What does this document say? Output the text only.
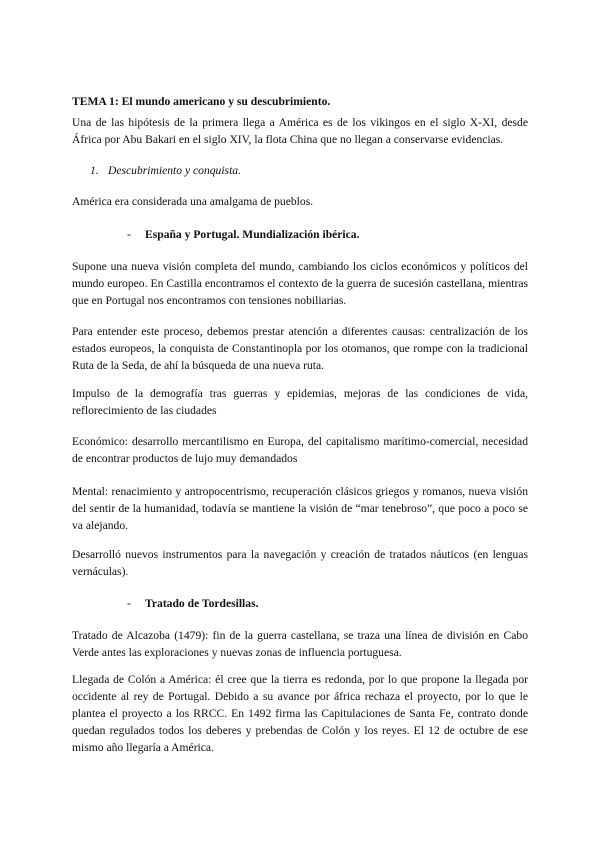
TEMA 1: El mundo americano y su descubrimiento.

Una de las hipótesis de la primera llega a América es de los vikingos en el siglo X-XI, desde África por Abu Bakari en el siglo XIV, la flota China que no llegan a conservarse evidencias.

1. Descubrimiento y conquista.

América era considerada una amalgama de pueblos.

- España y Portugal. Mundialización ibérica.

Supone una nueva visión completa del mundo, cambiando los ciclos económicos y políticos del mundo europeo. En Castilla encontramos el contexto de la guerra de sucesión castellana, mientras que en Portugal nos encontramos con tensiones nobiliarias.

Para entender este proceso, debemos prestar atención a diferentes causas: centralización de los estados europeos, la conquista de Constantinopla por los otomanos, que rompe con la tradicional Ruta de la Seda, de ahí la búsqueda de una nueva ruta.

Impulso de la demografía tras guerras y epidemias, mejoras de las condiciones de vida, reflorecimiento de las ciudades

Económico: desarrollo mercantilismo en Europa, del capitalismo marítimo-comercial, necesidad de encontrar productos de lujo muy demandados

Mental: renacimiento y antropocentrismo, recuperación clásicos griegos y romanos, nueva visión del sentir de la humanidad, todavía se mantiene la visión de “mar tenebroso”, que poco a poco se va alejando.

Desarrolló nuevos instrumentos para la navegación y creación de tratados náuticos (en lenguas vernáculas).

- Tratado de Tordesillas.

Tratado de Alcazoba (1479): fin de la guerra castellana, se traza una línea de división en Cabo Verde antes las exploraciones y nuevas zonas de influencia portuguesa.

Llegada de Colón a América: él cree que la tierra es redonda, por lo que propone la llegada por occidente al rey de Portugal. Debido a su avance por áfrica rechaza el proyecto, por lo que le plantea el proyecto a los RRCC. En 1492 firma las Capitulaciones de Santa Fe, contrato donde quedan regulados todos los deberes y prebendas de Colón y los reyes. El 12 de octubre de ese mismo año llegaría a América.
